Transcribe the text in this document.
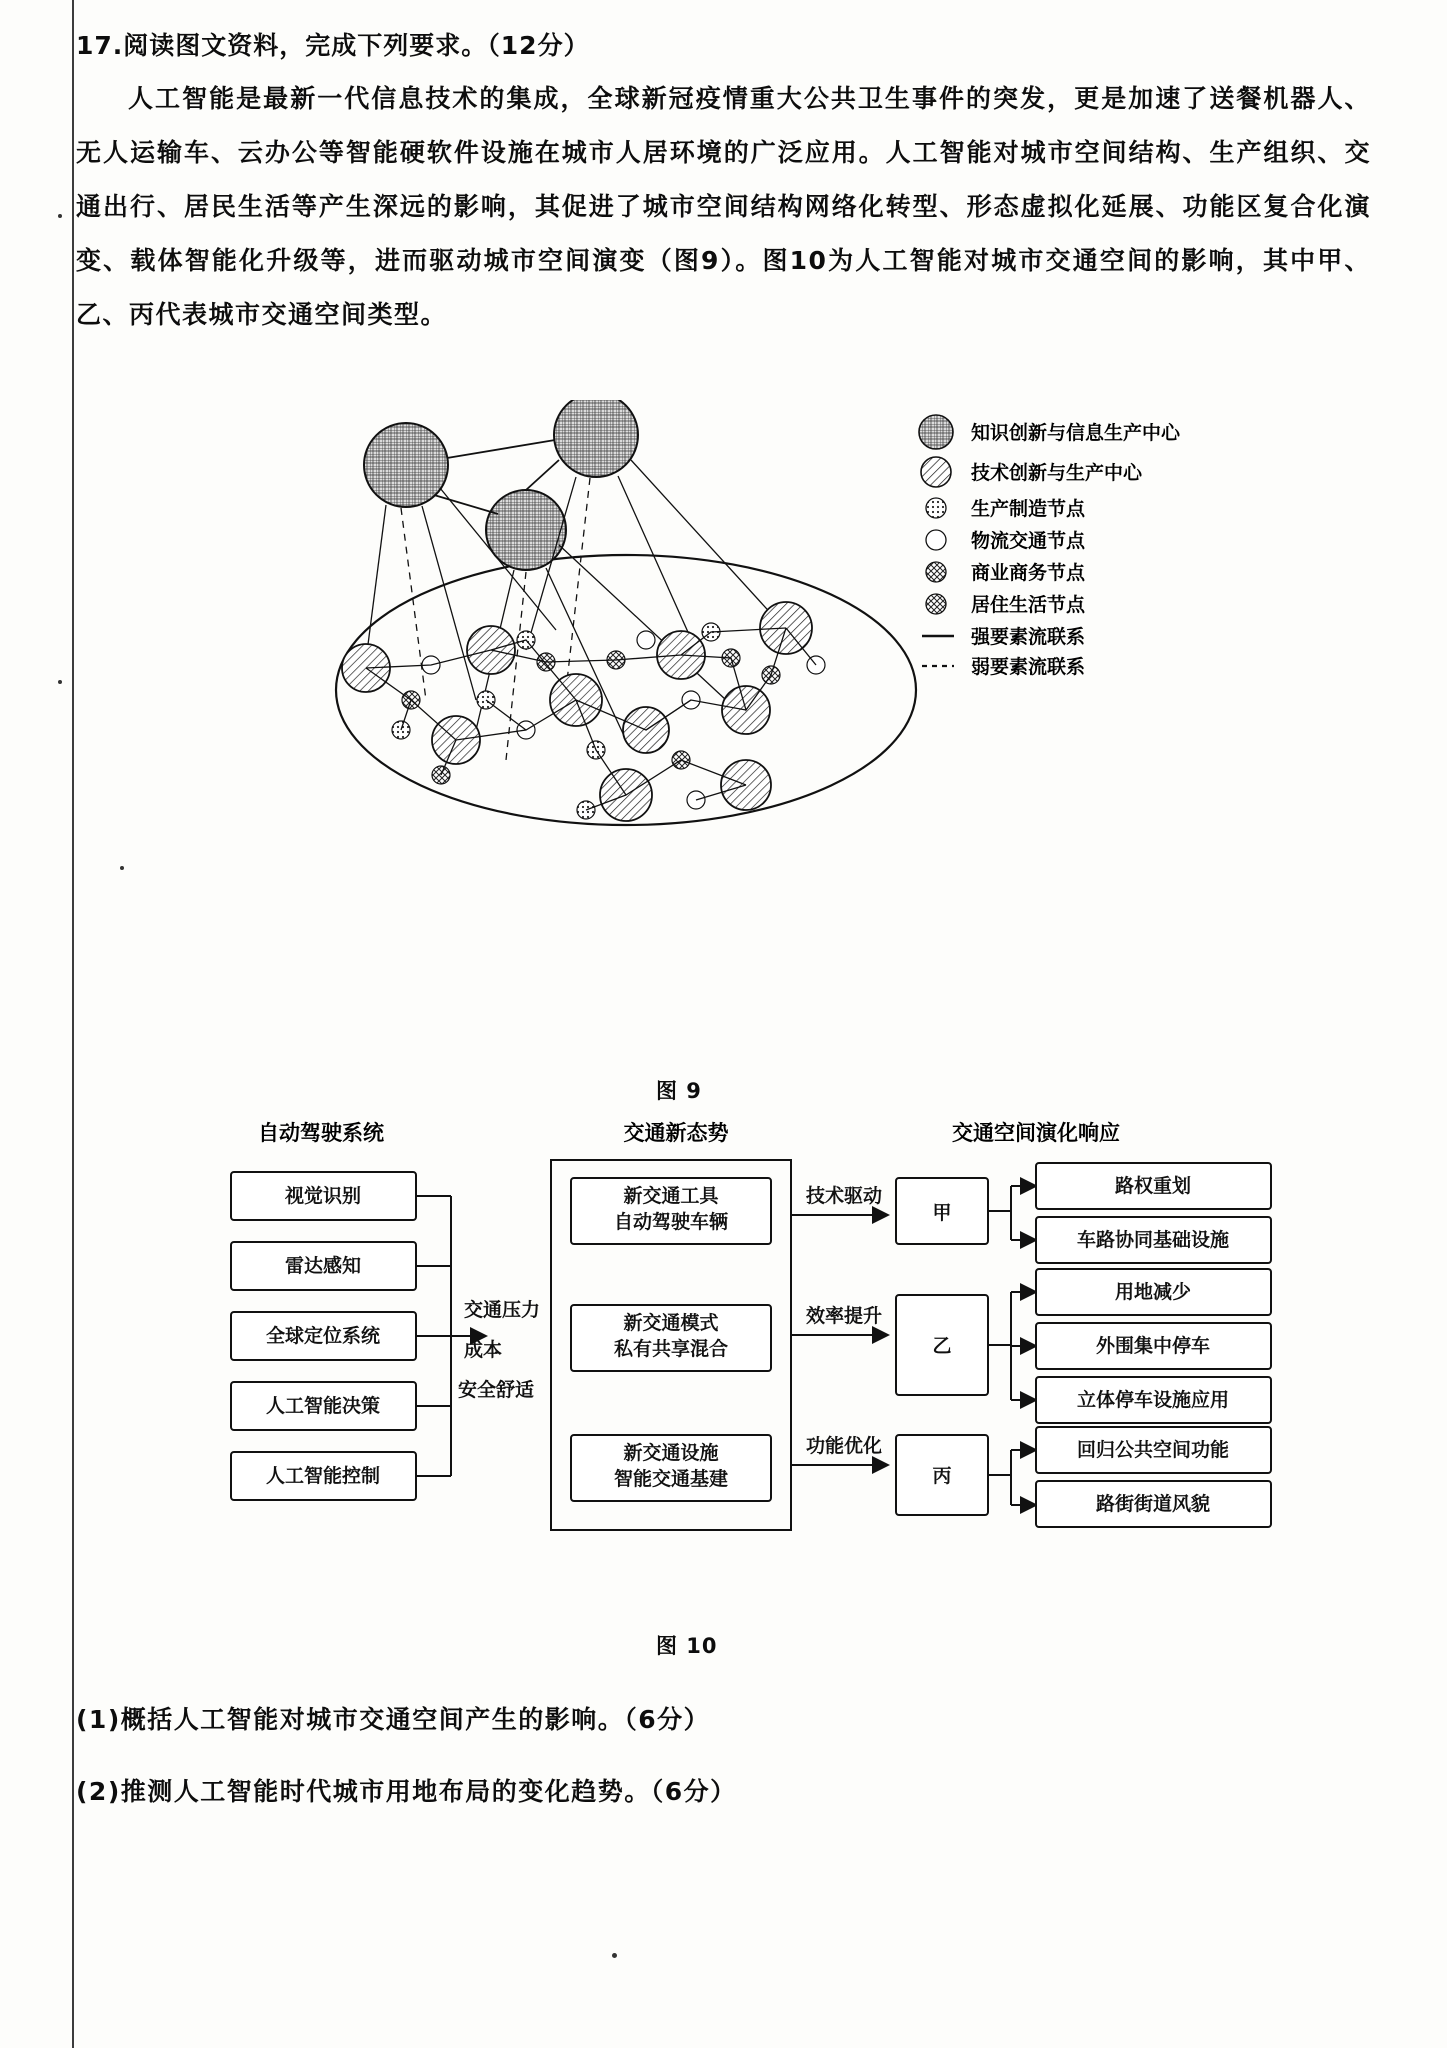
17.阅读图文资料，完成下列要求。（12分）
人工智能是最新一代信息技术的集成，全球新冠疫情重大公共卫生事件的突发，更是加速了送餐机器人、无人运输车、云办公等智能硬软件设施在城市人居环境的广泛应用。人工智能对城市空间结构、生产组织、交通出行、居民生活等产生深远的影响，其促进了城市空间结构网络化转型、形态虚拟化延展、功能区复合化演变、载体智能化升级等，进而驱动城市空间演变（图9）。图10为人工智能对城市交通空间的影响，其中甲、乙、丙代表城市交通空间类型。
知识创新与信息生产中心
技术创新与生产中心
生产制造节点
物流交通节点
商业商务节点
居住生活节点
强要素流联系
弱要素流联系
图 9
自动驾驶系统	交通新态势	交通空间演化响应
视觉识别
雷达感知
全球定位系统
人工智能决策
人工智能控制
交通压力
成本
安全舒适
新交通工具
自动驾驶车辆
新交通模式
私有共享混合
新交通设施
智能交通基建
技术驱动
效率提升
功能优化
甲
乙
丙
路权重划
车路协同基础设施
用地减少
外围集中停车
立体停车设施应用
回归公共空间功能
路街街道风貌
图 10
(1)概括人工智能对城市交通空间产生的影响。（6分）
(2)推测人工智能时代城市用地布局的变化趋势。（6分）
